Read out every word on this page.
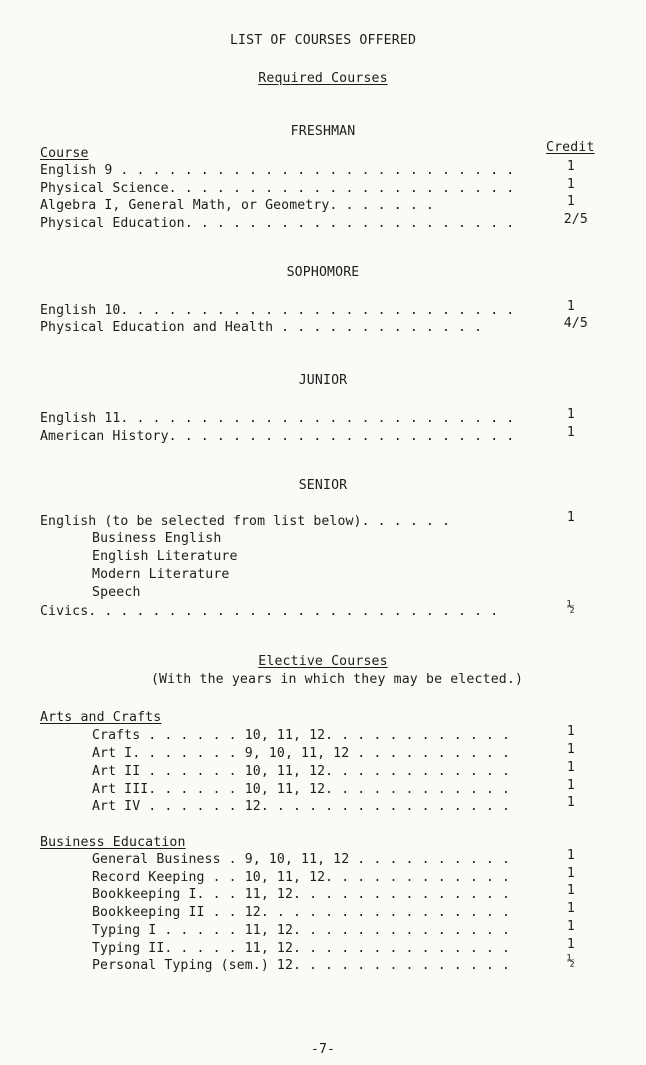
LIST OF COURSES OFFERED
Required Courses
FRESHMAN
Course	Credit
English 9 . . . . . . . . . . . . . . . . . . . . . . . . .	1
Physical Science. . . . . . . . . . . . . . . . . . . . . .	1
Algebra I, General Math, or Geometry. . . . . . .	1
Physical Education. . . . . . . . . . . . . . . . . . . . .	2/5
SOPHOMORE
English 10. . . . . . . . . . . . . . . . . . . . . . . . .	1
Physical Education and Health . . . . . . . . . . . . .	4/5
JUNIOR
English 11. . . . . . . . . . . . . . . . . . . . . . . . .	1
American History. . . . . . . . . . . . . . . . . . . . . .	1
SENIOR
English (to be selected from list below). . . . . .	1
Business English
English Literature
Modern Literature
Speech
Civics. . . . . . . . . . . . . . . . . . . . . . . . . .	½
Elective Courses
(With the years in which they may be elected.)
Arts and Crafts
Crafts . . . . . . 10, 11, 12. . . . . . . . . . . .	1
Art I. . . . . . . 9, 10, 11, 12 . . . . . . . . . .	1
Art II . . . . . . 10, 11, 12. . . . . . . . . . . .	1
Art III. . . . . . 10, 11, 12. . . . . . . . . . . .	1
Art IV . . . . . . 12. . . . . . . . . . . . . . . .	1
Business Education
General Business . 9, 10, 11, 12 . . . . . . . . . .	1
Record Keeping . . 10, 11, 12. . . . . . . . . . . .	1
Bookkeeping I. . . 11, 12. . . . . . . . . . . . . .	1
Bookkeeping II . . 12. . . . . . . . . . . . . . . .	1
Typing I . . . . . 11, 12. . . . . . . . . . . . . .	1
Typing II. . . . . 11, 12. . . . . . . . . . . . . .	1
Personal Typing (sem.) 12. . . . . . . . . . . . . .	½
-7-
